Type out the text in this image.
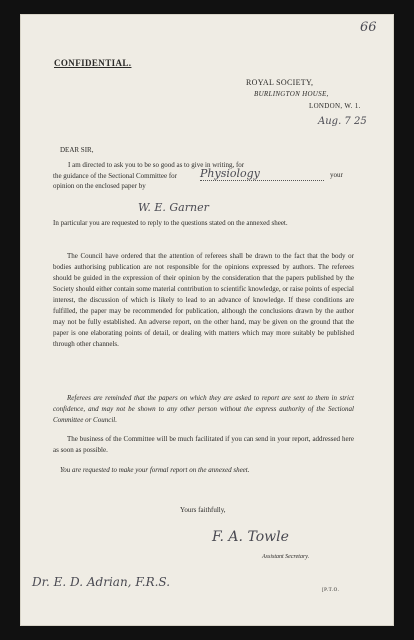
66
CONFIDENTIAL.
ROYAL SOCIETY,
BURLINGTON HOUSE,
LONDON, W. 1.
Aug. 7 25
DEAR SIR,
I am directed to ask you to be so good as to give in writing, for
the guidance of the Sectional Committee for	Physiology	your
opinion on the enclosed paper by
W. E. Garner
In particular you are requested to reply to the questions stated on the annexed sheet.
The Council have ordered that the attention of referees shall be drawn to the fact that the body or bodies authorising publication are not responsible for the opinions expressed by authors. The referees should be guided in the expression of their opinion by the consideration that the papers published by the Society should either contain some material contribution to scientific knowledge, or raise points of especial interest, the discussion of which is likely to lead to an advance of knowledge. If these conditions are fulfilled, the paper may be recommended for publication, although the conclusions drawn by the author may not be fully established. An adverse report, on the other hand, may be given on the ground that the paper is one elaborating points of detail, or dealing with matters which may more suitably be published through other channels.
Referees are reminded that the papers on which they are asked to report are sent to them in strict confidence, and may not be shown to any other person without the express authority of the Sectional Committee or Council.
The business of the Committee will be much facilitated if you can send in your report, addressed here as soon as possible.
You are requested to make your formal report on the annexed sheet.
Yours faithfully,
F. A. Towle
Assistant Secretary.
Dr. E. D. Adrian, F.R.S.
[P.T.O.
